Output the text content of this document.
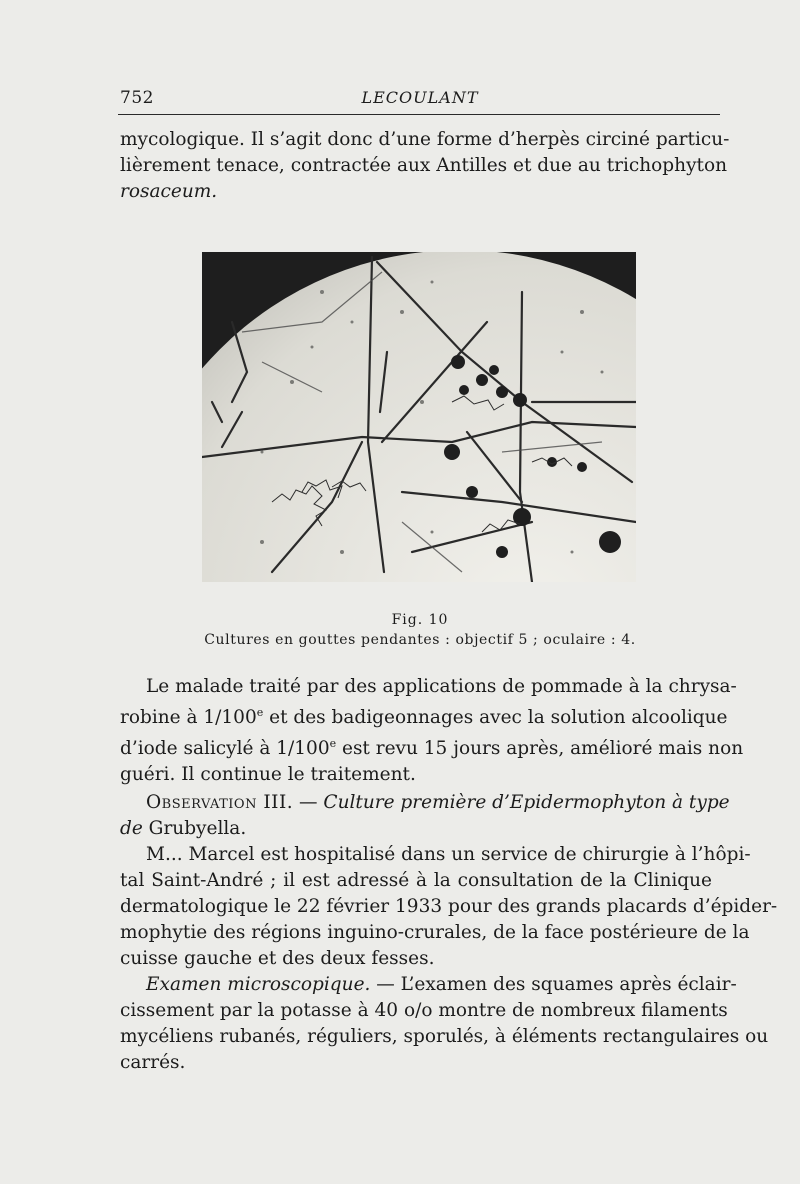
752	LECOULANT
mycologique. Il s’agit donc d’une forme d’herpès circiné particu-
lièrement tenace, contractée aux Antilles et due au trichophyton
rosaceum.
Fig. 10
Cultures en gouttes pendantes : objectif 5 ; oculaire : 4.
Le malade traité par des applications de pommade à la chrysa-
robine à 1/100e et des badigeonnages avec la solution alcoolique
d’iode salicylé à 1/100e est revu 15 jours après, amélioré mais non
guéri. Il continue le traitement.
Observation III. — Culture première d’Epidermophyton à type
de Grubyella.
M... Marcel est hospitalisé dans un service de chirurgie à l’hôpi-
tal Saint-André ; il est adressé à la consultation de la Clinique
dermatologique le 22 février 1933 pour des grands placards d’épider-
mophytie des régions inguino-crurales, de la face postérieure de la
cuisse gauche et des deux fesses.
Examen microscopique. — L’examen des squames après éclair-
cissement par la potasse à 40 o/o montre de nombreux filaments
mycéliens rubanés, réguliers, sporulés, à éléments rectangulaires ou
carrés.
